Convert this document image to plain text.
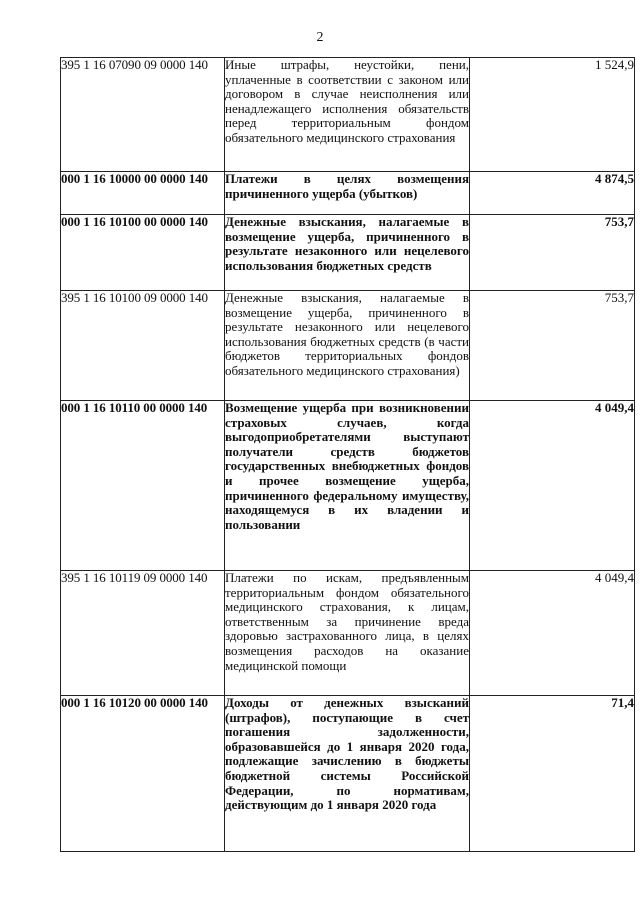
2
395 1 16 07090 09 0000 140	Иные штрафы, неустойки, пени, уплаченные в соответствии с законом или договором в случае неисполнения или ненадлежащего исполнения обязательств перед территориальным фондом обязательного медицинского страхования	1 524,9
000 1 16 10000 00 0000 140	Платежи в целях возмещения причиненного ущерба (убытков)	4 874,5
000 1 16 10100 00 0000 140	Денежные взыскания, налагаемые в возмещение ущерба, причиненного в результате незаконного или нецелевого использования бюджетных средств	753,7
395 1 16 10100 09 0000 140	Денежные взыскания, налагаемые в возмещение ущерба, причиненного в результате незаконного или нецелевого использования бюджетных средств (в части бюджетов территориальных фондов обязательного медицинского страхования)	753,7
000 1 16 10110 00 0000 140	Возмещение ущерба при возникновении страховых случаев, когда выгодоприобретателями выступают получатели средств бюджетов государственных внебюджетных фондов и прочее возмещение ущерба, причиненного федеральному имуществу, находящемуся в их владении и пользовании	4 049,4
395 1 16 10119 09 0000 140	Платежи по искам, предъявленным территориальным фондом обязательного медицинского страхования, к лицам, ответственным за причинение вреда здоровью застрахованного лица, в целях возмещения расходов на оказание медицинской помощи	4 049,4
000 1 16 10120 00 0000 140	Доходы от денежных взысканий (штрафов), поступающие в счет погашения задолженности, образовавшейся до 1 января 2020 года, подлежащие зачислению в бюджеты бюджетной системы Российской Федерации, по нормативам, действующим до 1 января 2020 года	71,4
